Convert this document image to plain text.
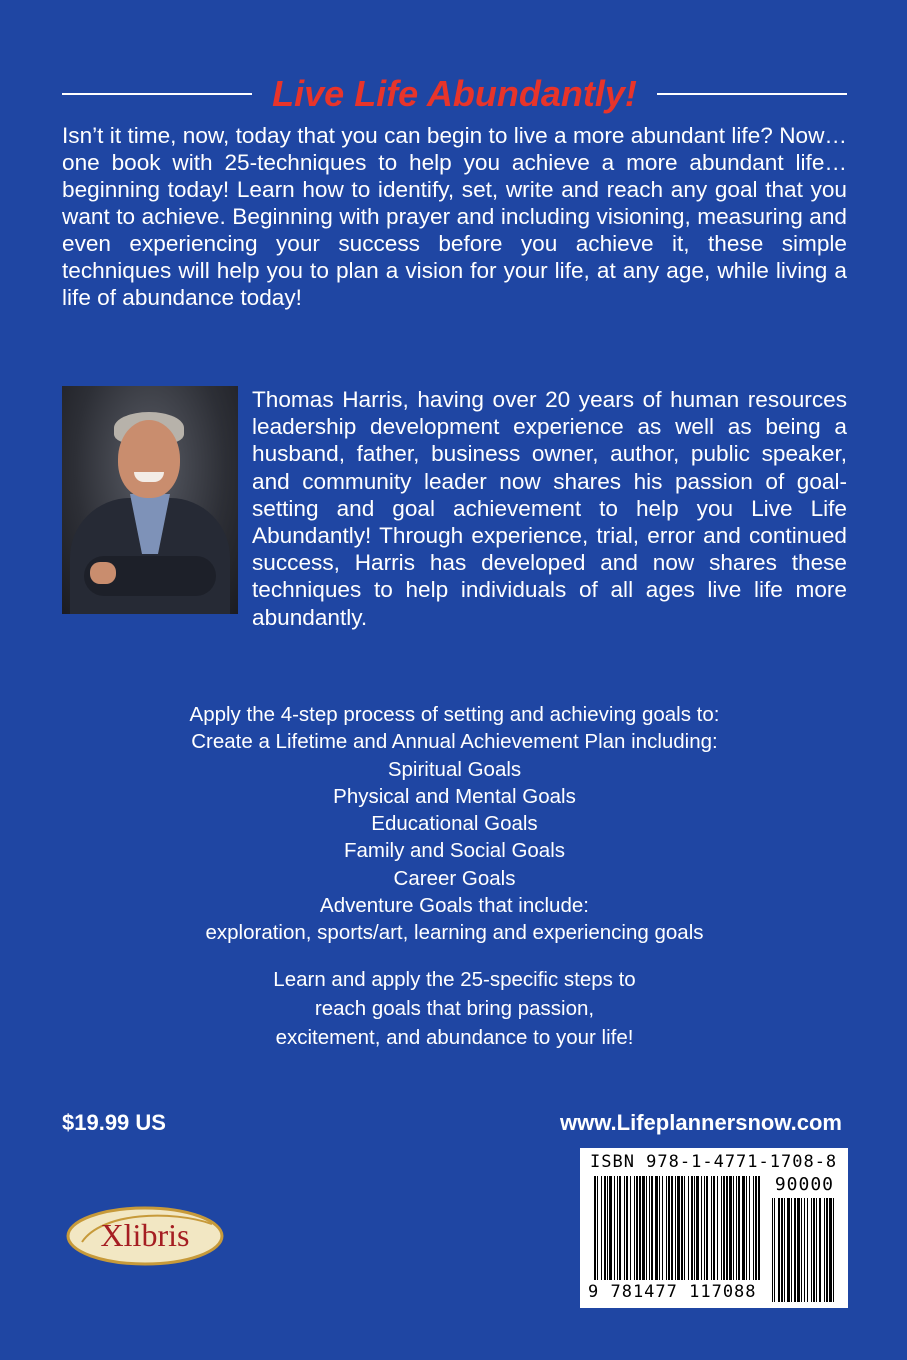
Live Life Abundantly!

Isn’t it time, now, today that you can begin to live a more abundant life? Now…one book with 25-techniques to help you achieve a more abundant life…beginning today! Learn how to identify, set, write and reach any goal that you want to achieve. Beginning with prayer and including visioning, measuring and even experiencing your success before you achieve it, these simple techniques will help you to plan a vision for your life, at any age, while living a life of abundance today!

Thomas Harris, having over 20 years of human resources leadership development experience as well as being a husband, father, business owner, author, public speaker, and community leader now shares his passion of goal-setting and goal achievement to help you Live Life Abundantly! Through experience, trial, error and continued success, Harris has developed and now shares these techniques to help individuals of all ages live life more abundantly.

Apply the 4-step process of setting and achieving goals to:
Create a Lifetime and Annual Achievement Plan including:
Spiritual Goals
Physical and Mental Goals
Educational Goals
Family and Social Goals
Career Goals
Adventure Goals that include:
exploration, sports/art, learning and experiencing goals
Learn and apply the 25-specific steps to
reach goals that bring passion,
excitement, and abundance to your life!
$19.99 US	www.Lifeplannersnow.com
Xlibris
ISBN 978-1-4771-1708-8
90000
9 781477 117088
